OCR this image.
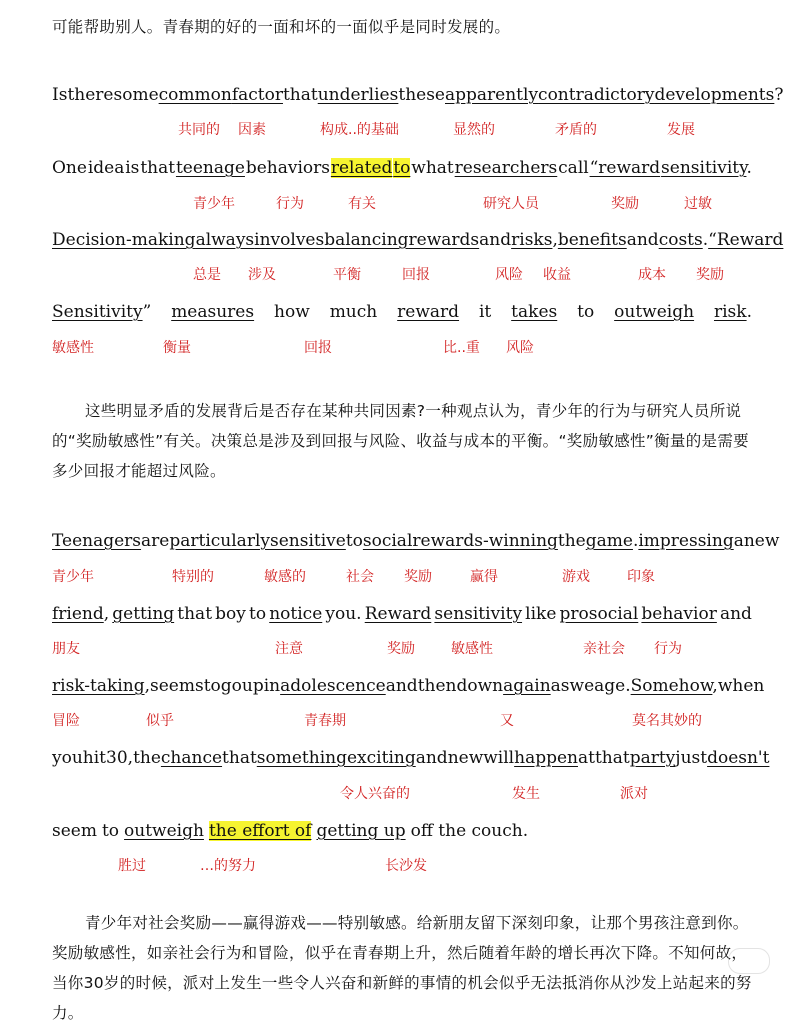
可能帮助别人。青春期的好的一面和坏的一面似乎是同时发展的。
Is there some common factor that underlies these apparently contradictory developments?
One idea is that teenage behaviors related to what researchers call “reward sensitivity.
Decision-making always involves balancing rewards and risks, benefits and costs. “Reward
Sensitivity” measures how much reward it takes to outweigh risk.
共同的 因素	构成..的基础	显然的	矛盾的	发展
青少年	行为	有关	研究人员	奖励	过敏
总是 涉及	平衡	回报	风险 收益	成本 奖励
敏感性	衡量	回报	比..重 风险
这些明显矛盾的发展背后是否存在某种共同因素?一种观点认为，青少年的行为与研究人员所说的“奖励敏感性”有关。决策总是涉及到回报与风险、收益与成本的平衡。“奖励敏感性”衡量的是需要多少回报才能超过风险。
Teenagers are particularly sensitive to social rewards- winning the game. impressing a new
friend, getting that boy to notice you. Reward sensitivity like prosocial behavior and
risk-taking, seems to go up in adolescence and then down again as we age. Somehow, when
you hit 30, the chance that something exciting and new will happen at that party just doesn't
seem to outweigh the effort of getting up off the couch.
青少年	特别的	敏感的	社会 奖励	赢得	游戏	印象
朋友	注意	奖励	敏感性	亲社会 行为
冒险	似乎	青春期	又	莫名其妙的
令人兴奋的	发生	派对
胜过	…的努力	长沙发
青少年对社会奖励——赢得游戏——特别敏感。给新朋友留下深刻印象，让那个男孩注意到你。奖励敏感性，如亲社会行为和冒险，似乎在青春期上升，然后随着年龄的增长再次下降。不知何故，当你30岁的时候，派对上发生一些令人兴奋和新鲜的事情的机会似乎无法抵消你从沙发上站起来的努力。
